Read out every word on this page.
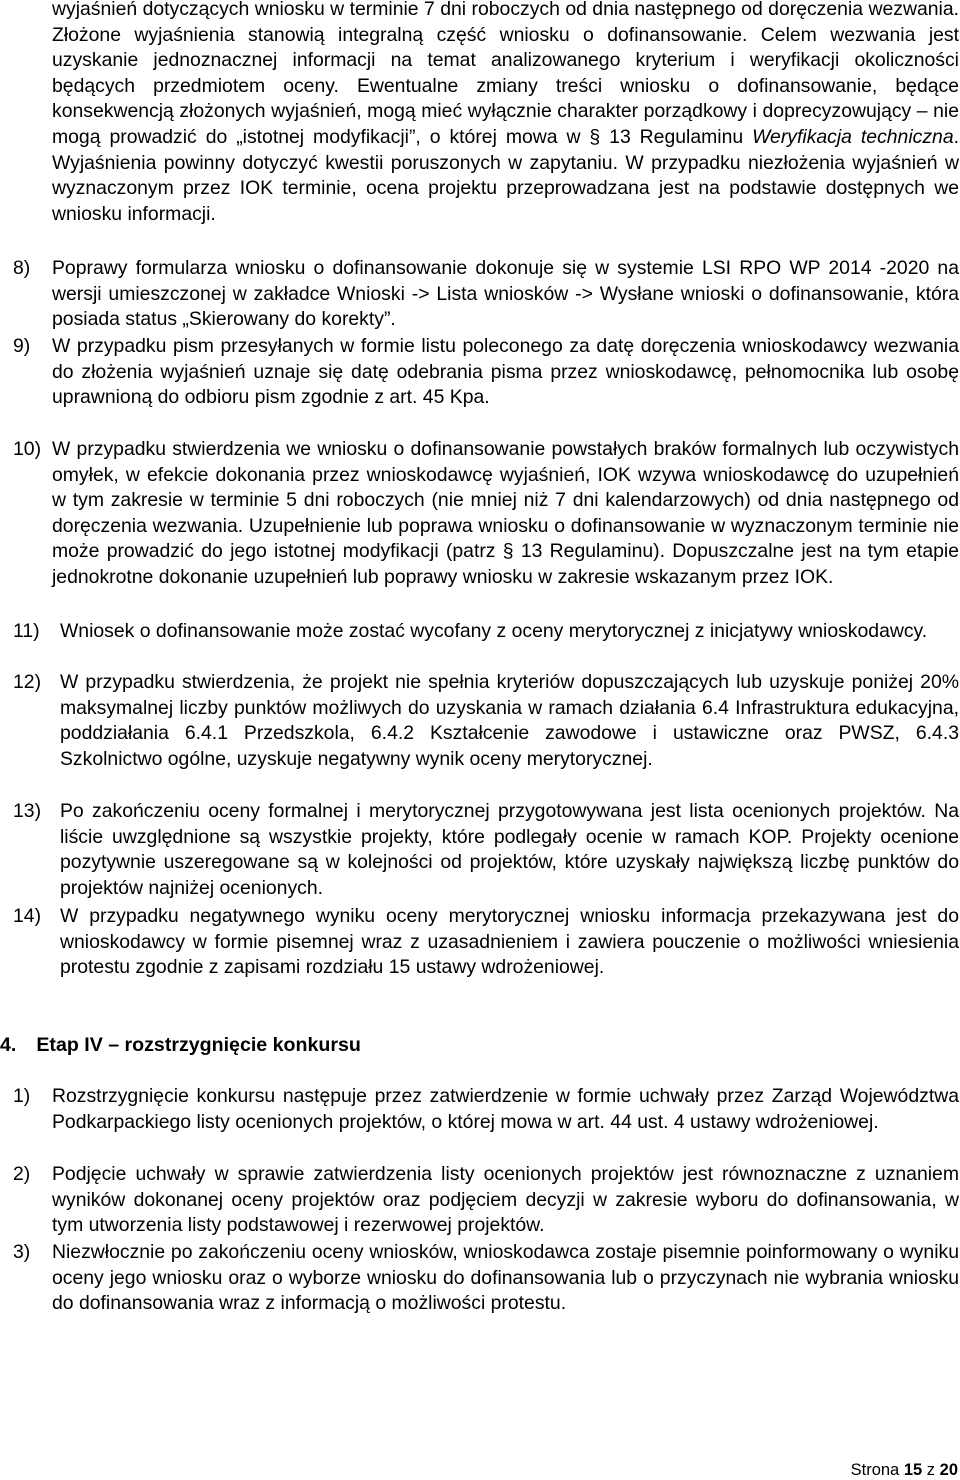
wyjaśnień dotyczących wniosku w terminie 7 dni roboczych od dnia następnego od doręczenia wezwania. Złożone wyjaśnienia stanowią integralną część wniosku o dofinansowanie. Celem wezwania jest uzyskanie jednoznacznej informacji na temat analizowanego kryterium i weryfikacji okoliczności będących przedmiotem oceny. Ewentualne zmiany treści wniosku o dofinansowanie, będące konsekwencją złożonych wyjaśnień, mogą mieć wyłącznie charakter porządkowy i doprecyzowujący – nie mogą prowadzić do „istotnej modyfikacji”, o której mowa w § 13 Regulaminu Weryfikacja techniczna. Wyjaśnienia powinny dotyczyć kwestii poruszonych w zapytaniu. W przypadku niezłożenia wyjaśnień w wyznaczonym przez IOK terminie, ocena projektu przeprowadzana jest na podstawie dostępnych we wniosku informacji.

8) Poprawy formularza wniosku o dofinansowanie dokonuje się w systemie LSI RPO WP 2014 -2020 na wersji umieszczonej w zakładce Wnioski -> Lista wniosków -> Wysłane wnioski o dofinansowanie, która posiada status „Skierowany do korekty”.

9) W przypadku pism przesyłanych w formie listu poleconego za datę doręczenia wnioskodawcy wezwania do złożenia wyjaśnień uznaje się datę odebrania pisma przez wnioskodawcę, pełnomocnika lub osobę uprawnioną do odbioru pism zgodnie z art. 45 Kpa.

10) W przypadku stwierdzenia we wniosku o dofinansowanie powstałych braków formalnych lub oczywistych omyłek, w efekcie dokonania przez wnioskodawcę wyjaśnień, IOK wzywa wnioskodawcę do uzupełnień w tym zakresie w terminie 5 dni roboczych (nie mniej niż 7 dni kalendarzowych) od dnia następnego od doręczenia wezwania. Uzupełnienie lub poprawa wniosku o dofinansowanie w wyznaczonym terminie nie może prowadzić do jego istotnej modyfikacji (patrz § 13 Regulaminu). Dopuszczalne jest na tym etapie jednokrotne dokonanie uzupełnień lub poprawy wniosku w zakresie wskazanym przez IOK.

11) Wniosek o dofinansowanie może zostać wycofany z oceny merytorycznej z inicjatywy wnioskodawcy.

12) W przypadku stwierdzenia, że projekt nie spełnia kryteriów dopuszczających lub uzyskuje poniżej 20% maksymalnej liczby punktów możliwych do uzyskania w ramach działania 6.4 Infrastruktura edukacyjna, poddziałania 6.4.1 Przedszkola, 6.4.2 Kształcenie zawodowe i ustawiczne oraz PWSZ, 6.4.3 Szkolnictwo ogólne, uzyskuje negatywny wynik oceny merytorycznej.

13) Po zakończeniu oceny formalnej i merytorycznej przygotowywana jest lista ocenionych projektów. Na liście uwzględnione są wszystkie projekty, które podlegały ocenie w ramach KOP. Projekty ocenione pozytywnie uszeregowane są w kolejności od projektów, które uzyskały największą liczbę punktów do projektów najniżej ocenionych.

14) W przypadku negatywnego wyniku oceny merytorycznej wniosku informacja przekazywana jest do wnioskodawcy w formie pisemnej wraz z uzasadnieniem i zawiera pouczenie o możliwości wniesienia protestu zgodnie z zapisami rozdziału 15 ustawy wdrożeniowej.

4. Etap IV – rozstrzygnięcie konkursu
1) Rozstrzygnięcie konkursu następuje przez zatwierdzenie w formie uchwały przez Zarząd Województwa Podkarpackiego listy ocenionych projektów, o której mowa w art. 44 ust. 4 ustawy wdrożeniowej.

2) Podjęcie uchwały w sprawie zatwierdzenia listy ocenionych projektów jest równoznaczne z uznaniem wyników dokonanej oceny projektów oraz podjęciem decyzji w zakresie wyboru do dofinansowania, w tym utworzenia listy podstawowej i rezerwowej projektów.

3) Niezwłocznie po zakończeniu oceny wniosków, wnioskodawca zostaje pisemnie poinformowany o wyniku oceny jego wniosku oraz o wyborze wniosku do dofinansowania lub o przyczynach nie wybrania wniosku do dofinansowania wraz z informacją o możliwości protestu.

Strona 15 z 20
